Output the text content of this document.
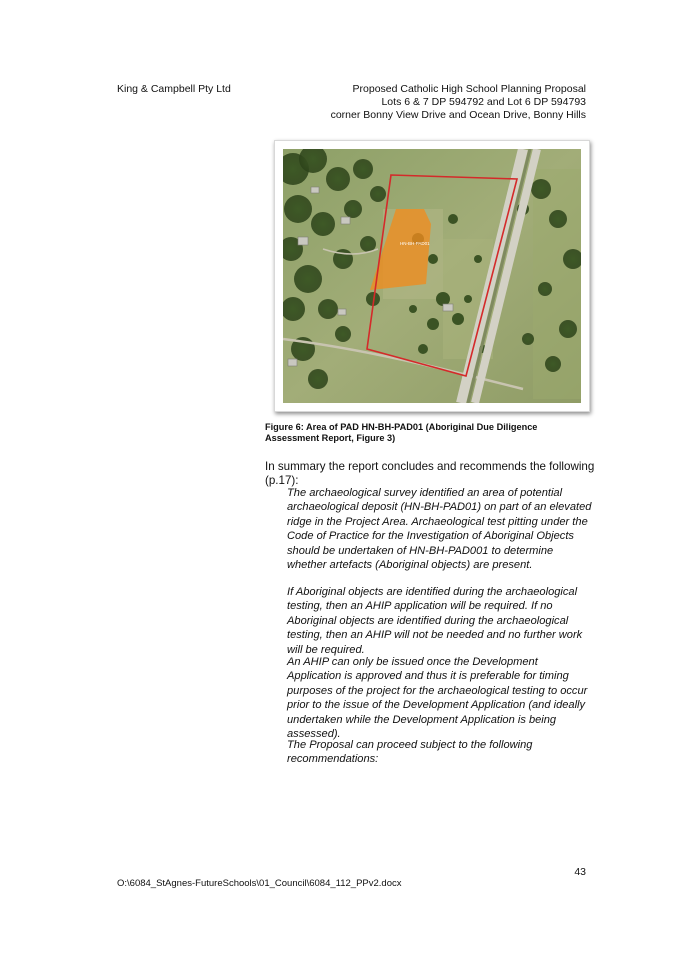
King & Campbell Pty Ltd	Proposed Catholic High School Planning Proposal
Lots 6 & 7 DP 594792 and Lot 6 DP 594793
corner Bonny View Drive and Ocean Drive, Bonny Hills
HN-BH-PAD01
Figure 6: Area of PAD HN-BH-PAD01 (Aboriginal Due Diligence Assessment Report, Figure 3)
In summary the report concludes and recommends the following (p.17):
The archaeological survey identified an area of potential archaeological deposit (HN-BH-PAD01) on part of an elevated ridge in the Project Area. Archaeological test pitting under the Code of Practice for the Investigation of Aboriginal Objects should be undertaken of HN-BH-PAD001 to determine whether artefacts (Aboriginal objects) are present.
If Aboriginal objects are identified during the archaeological testing, then an AHIP application will be required. If no Aboriginal objects are identified during the archaeological testing, then an AHIP will not be needed and no further work will be required.
An AHIP can only be issued once the Development Application is approved and thus it is preferable for timing purposes of the project for the archaeological testing to occur prior to the issue of the Development Application (and ideally undertaken while the Development Application is being assessed).
The Proposal can proceed subject to the following recommendations:
43
O:\6084_StAgnes-FutureSchools\01_Council\6084_112_PPv2.docx
